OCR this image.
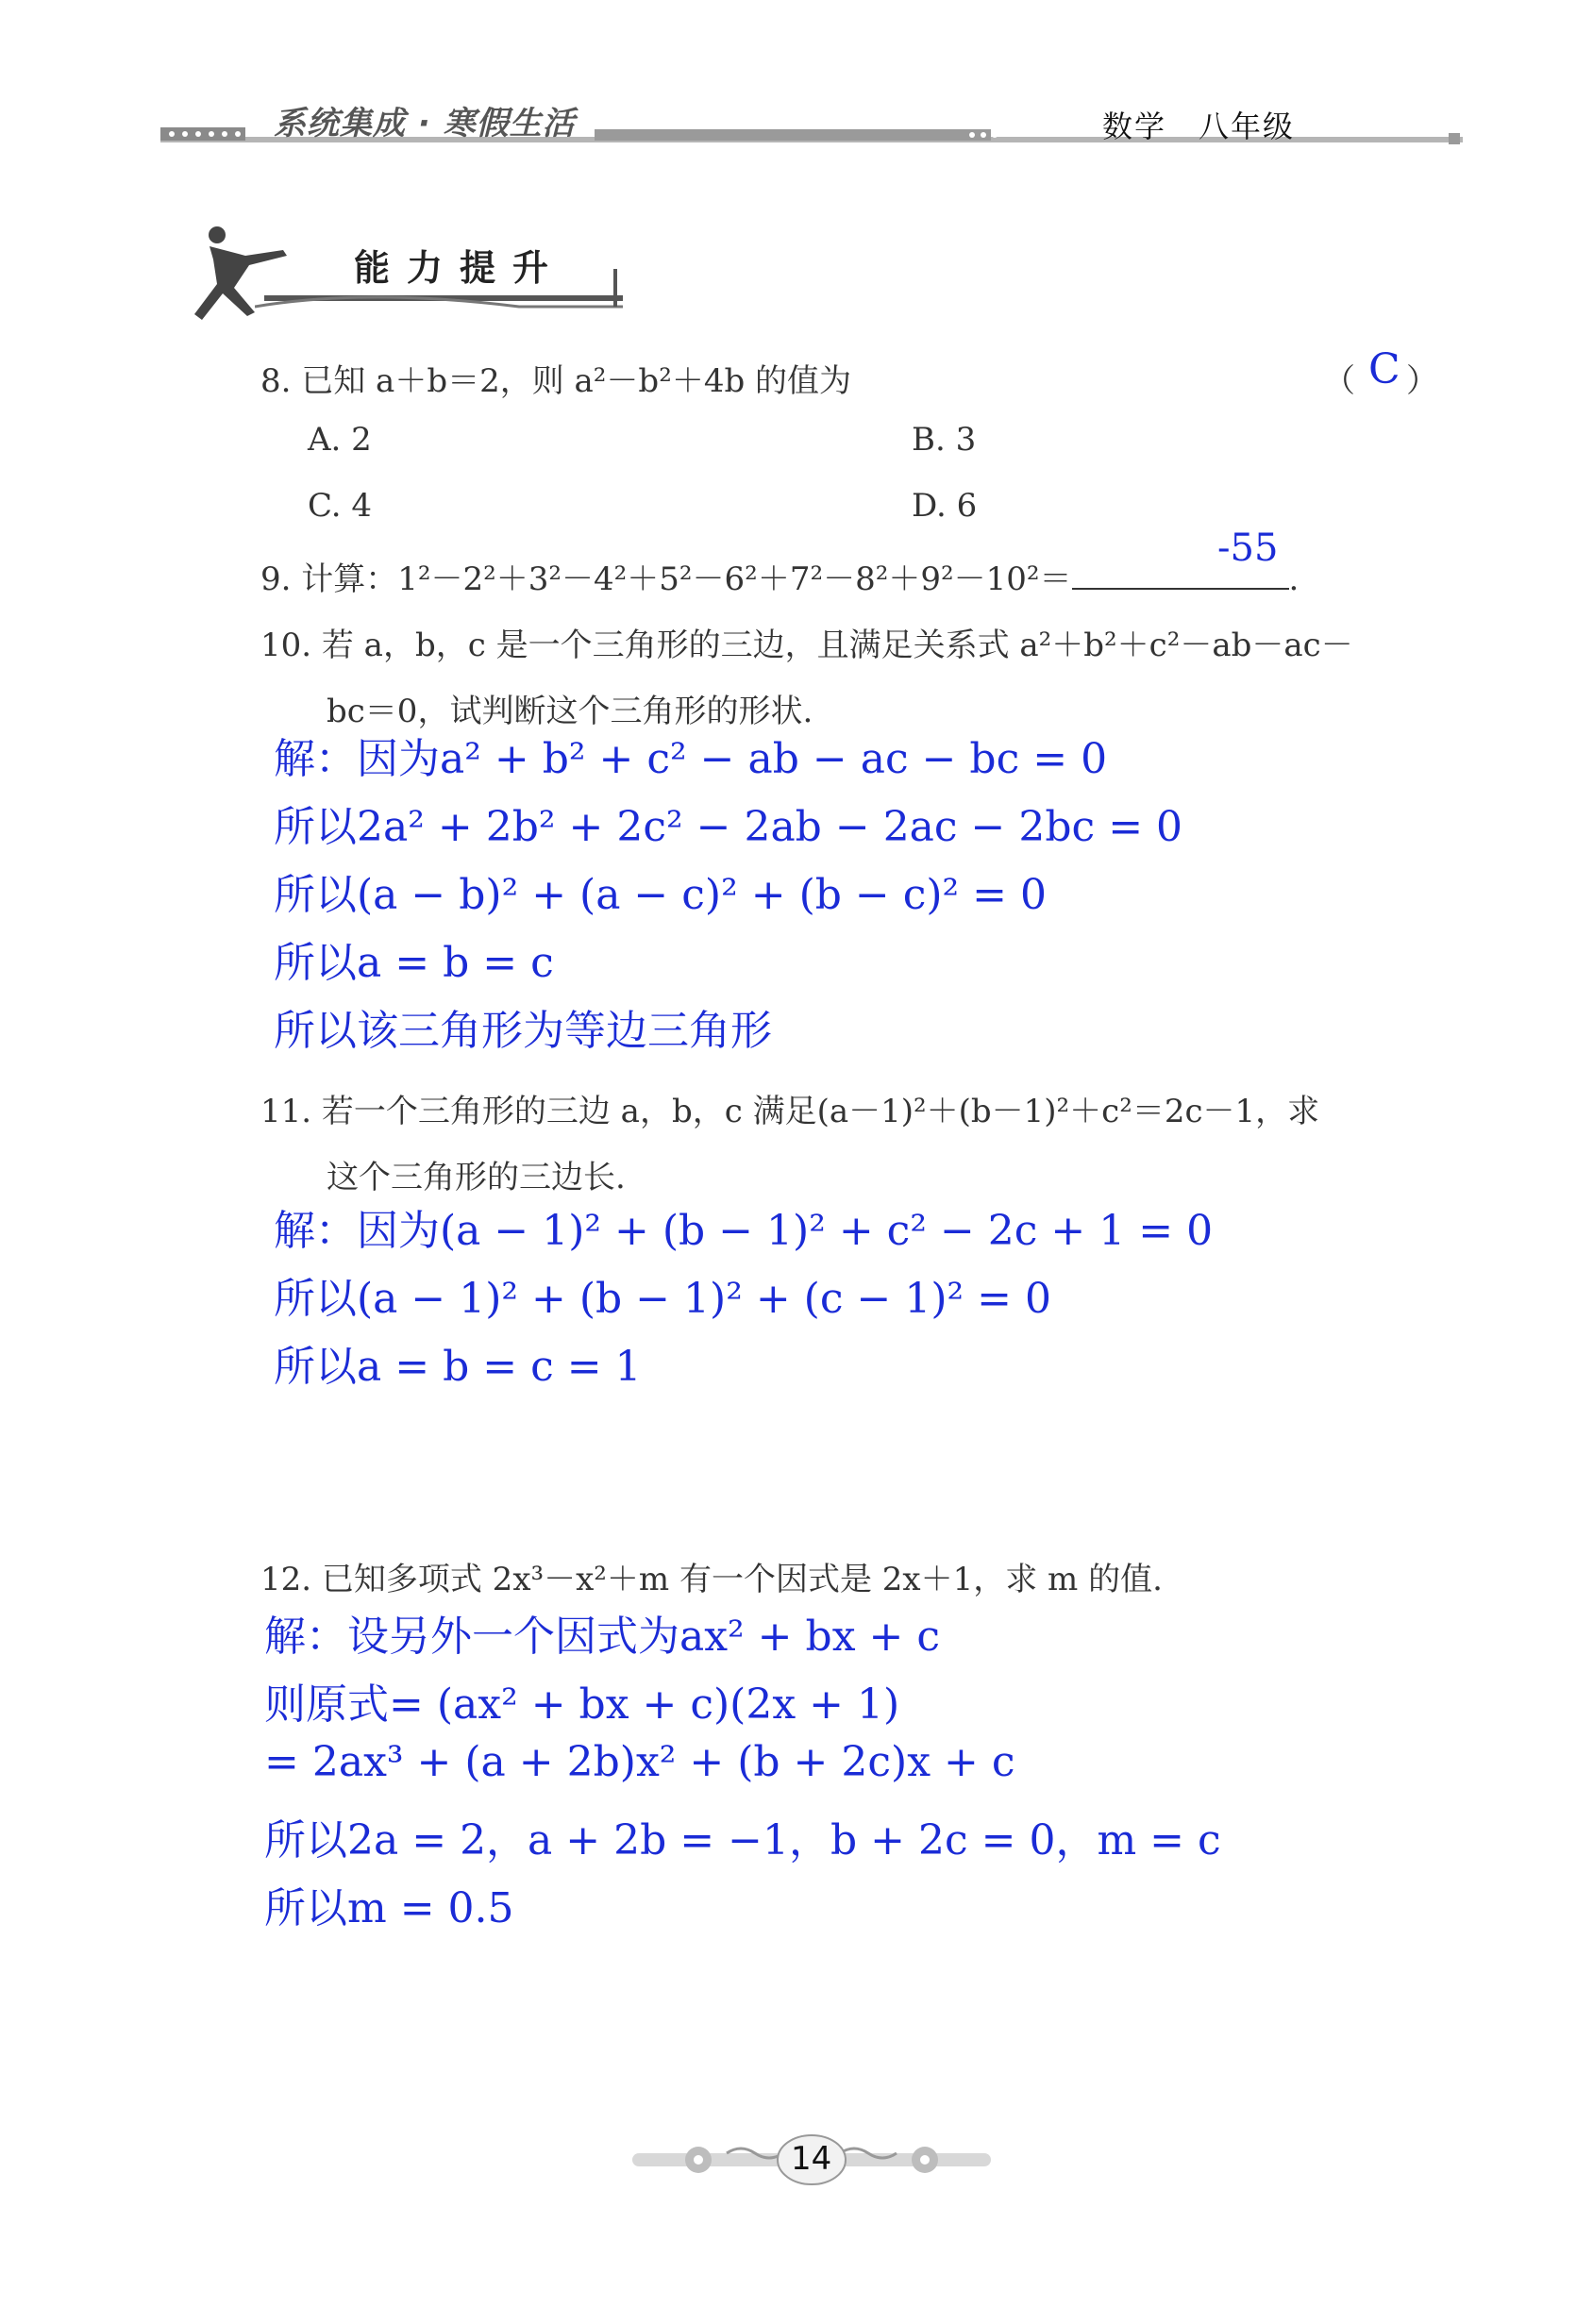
系统集成 · 寒假生活	数学　八年级
能力提升
8. 已知 a＋b＝2，则 a²－b²＋4b 的值为	（ C ）
A. 2	B. 3
C. 4	D. 6
9. 计算：1²－2²＋3²－4²＋5²－6²＋7²－8²＋9²－10²＝	.
-55
10. 若 a，b，c 是一个三角形的三边，且满足关系式 a²＋b²＋c²－ab－ac－
bc＝0，试判断这个三角形的形状.
解：因为a² + b² + c² − ab − ac − bc = 0
所以2a² + 2b² + 2c² − 2ab − 2ac − 2bc = 0
所以(a − b)² + (a − c)² + (b − c)² = 0
所以a = b = c
所以该三角形为等边三角形
11. 若一个三角形的三边 a，b，c 满足(a－1)²＋(b－1)²＋c²＝2c－1，求
这个三角形的三边长.
解：因为(a − 1)² + (b − 1)² + c² − 2c + 1 = 0
所以(a − 1)² + (b − 1)² + (c − 1)² = 0
所以a = b = c = 1
12. 已知多项式 2x³－x²＋m 有一个因式是 2x＋1，求 m 的值.
解：设另外一个因式为ax² + bx + c
则原式= (ax² + bx + c)(2x + 1)
= 2ax³ + (a + 2b)x² + (b + 2c)x + c
所以2a = 2，a + 2b = −1，b + 2c = 0，m = c
所以m = 0.5
14
